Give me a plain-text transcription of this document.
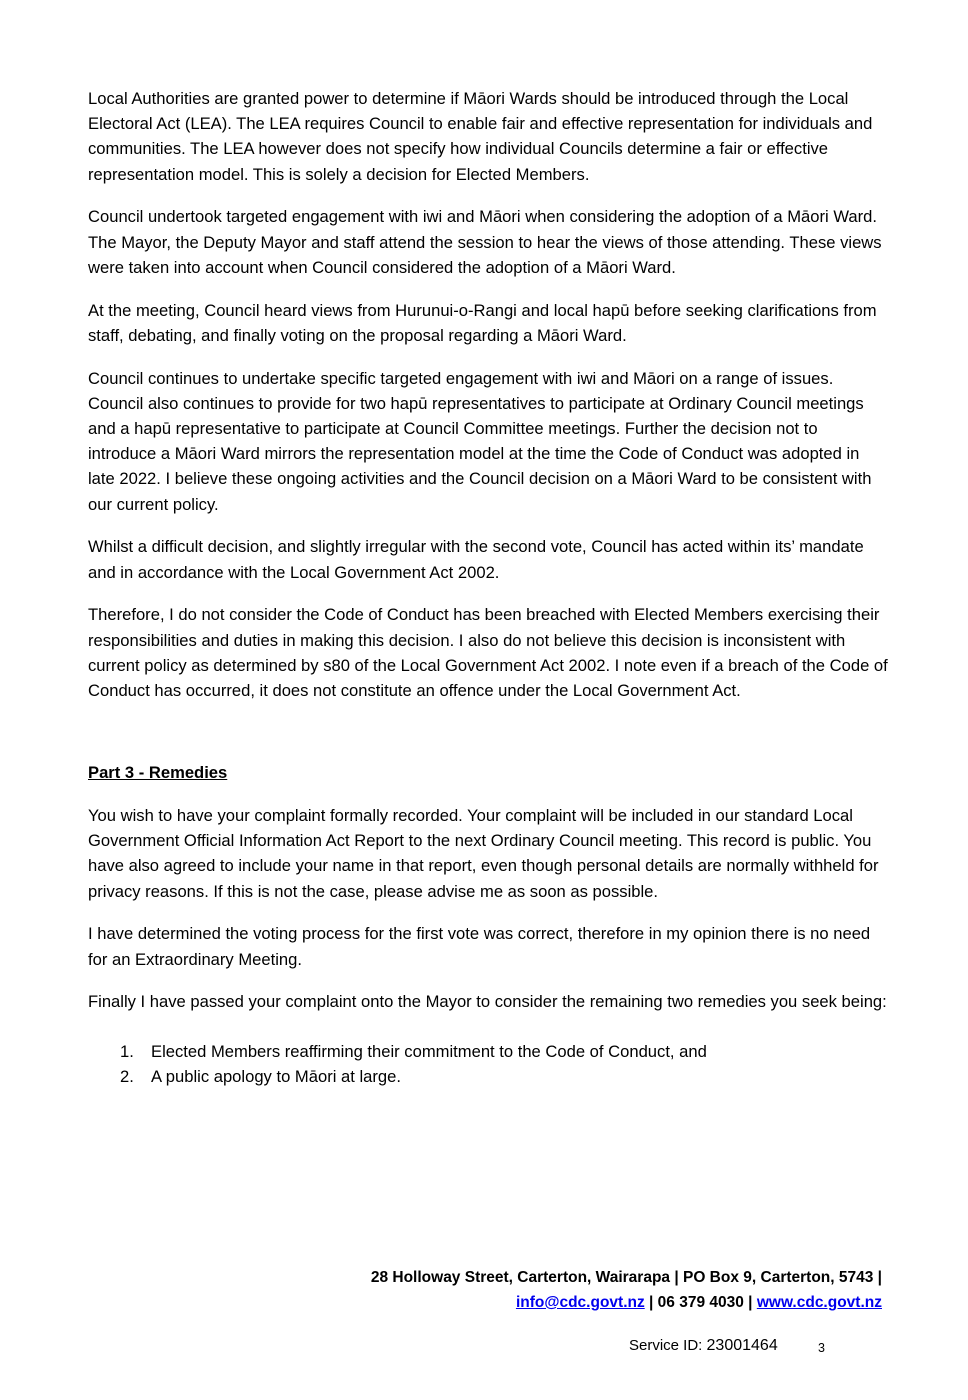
Local Authorities are granted power to determine if Māori Wards should be introduced through the Local Electoral Act (LEA). The LEA requires Council to enable fair and effective representation for individuals and communities. The LEA however does not specify how individual Councils determine a fair or effective representation model. This is solely a decision for Elected Members.

Council undertook targeted engagement with iwi and Māori when considering the adoption of a Māori Ward. The Mayor, the Deputy Mayor and staff attend the session to hear the views of those attending. These views were taken into account when Council considered the adoption of a Māori Ward.

At the meeting, Council heard views from Hurunui-o-Rangi and local hapū before seeking clarifications from staff, debating, and finally voting on the proposal regarding a Māori Ward.

Council continues to undertake specific targeted engagement with iwi and Māori on a range of issues. Council also continues to provide for two hapū representatives to participate at Ordinary Council meetings and a hapū representative to participate at Council Committee meetings. Further the decision not to introduce a Māori Ward mirrors the representation model at the time the Code of Conduct was adopted in late 2022. I believe these ongoing activities and the Council decision on a Māori Ward to be consistent with our current policy.

Whilst a difficult decision, and slightly irregular with the second vote, Council has acted within its’ mandate and in accordance with the Local Government Act 2002.

Therefore, I do not consider the Code of Conduct has been breached with Elected Members exercising their responsibilities and duties in making this decision. I also do not believe this decision is inconsistent with current policy as determined by s80 of the Local Government Act 2002. I note even if a breach of the Code of Conduct has occurred, it does not constitute an offence under the Local Government Act.

Part 3 - Remedies

You wish to have your complaint formally recorded. Your complaint will be included in our standard Local Government Official Information Act Report to the next Ordinary Council meeting. This record is public. You have also agreed to include your name in that report, even though personal details are normally withheld for privacy reasons. If this is not the case, please advise me as soon as possible.

I have determined the voting process for the first vote was correct, therefore in my opinion there is no need for an Extraordinary Meeting.

Finally I have passed your complaint onto the Mayor to consider the remaining two remedies you seek being:

1. Elected Members reaffirming their commitment to the Code of Conduct, and
2. A public apology to Māori at large.
28 Holloway Street, Carterton, Wairarapa | PO Box 9, Carterton, 5743 |
info@cdc.govt.nz | 06 379 4030 | www.cdc.govt.nz
Service ID: 23001464	3
